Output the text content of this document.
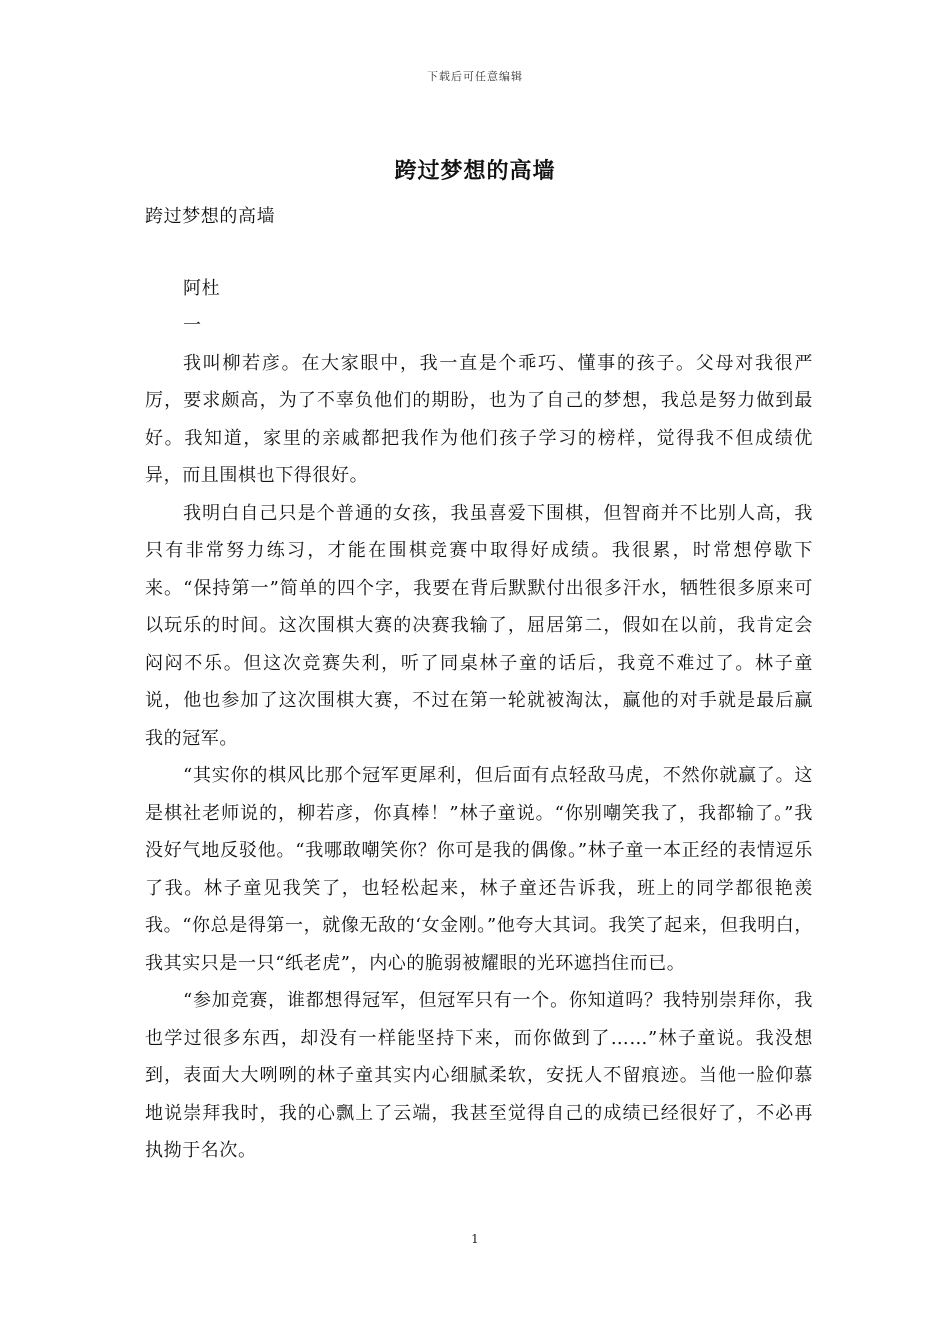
下载后可任意编辑
跨过梦想的高墙

跨过梦想的高墙

阿杜

一

我叫柳若彦。在大家眼中，我一直是个乖巧、懂事的孩子。父母对我很严厉，要求颇高，为了不辜负他们的期盼，也为了自己的梦想，我总是努力做到最好。我知道，家里的亲戚都把我作为他们孩子学习的榜样，觉得我不但成绩优异，而且围棋也下得很好。

我明白自己只是个普通的女孩，我虽喜爱下围棋，但智商并不比别人高，我只有非常努力练习，才能在围棋竞赛中取得好成绩。我很累，时常想停歇下来。“保持第一”简单的四个字，我要在背后默默付出很多汗水，牺牲很多原来可以玩乐的时间。这次围棋大赛的决赛我输了，屈居第二，假如在以前，我肯定会闷闷不乐。但这次竞赛失利，听了同桌林子童的话后，我竟不难过了。林子童说，他也参加了这次围棋大赛，不过在第一轮就被淘汰，赢他的对手就是最后赢我的冠军。

“其实你的棋风比那个冠军更犀利，但后面有点轻敌马虎，不然你就赢了。这是棋社老师说的，柳若彦，你真棒！”林子童说。“你别嘲笑我了，我都输了。”我没好气地反驳他。“我哪敢嘲笑你？你可是我的偶像。”林子童一本正经的表情逗乐了我。林子童见我笑了，也轻松起来，林子童还告诉我，班上的同学都很艳羡我。“你总是得第一，就像无敌的‘女金刚。”他夸大其词。我笑了起来，但我明白，我其实只是一只“纸老虎”，内心的脆弱被耀眼的光环遮挡住而已。

“参加竞赛，谁都想得冠军，但冠军只有一个。你知道吗？我特别崇拜你，我也学过很多东西，却没有一样能坚持下来，而你做到了……”林子童说。我没想到，表面大大咧咧的林子童其实内心细腻柔软，安抚人不留痕迹。当他一脸仰慕地说崇拜我时，我的心飘上了云端，我甚至觉得自己的成绩已经很好了，不必再执拗于名次。

1
